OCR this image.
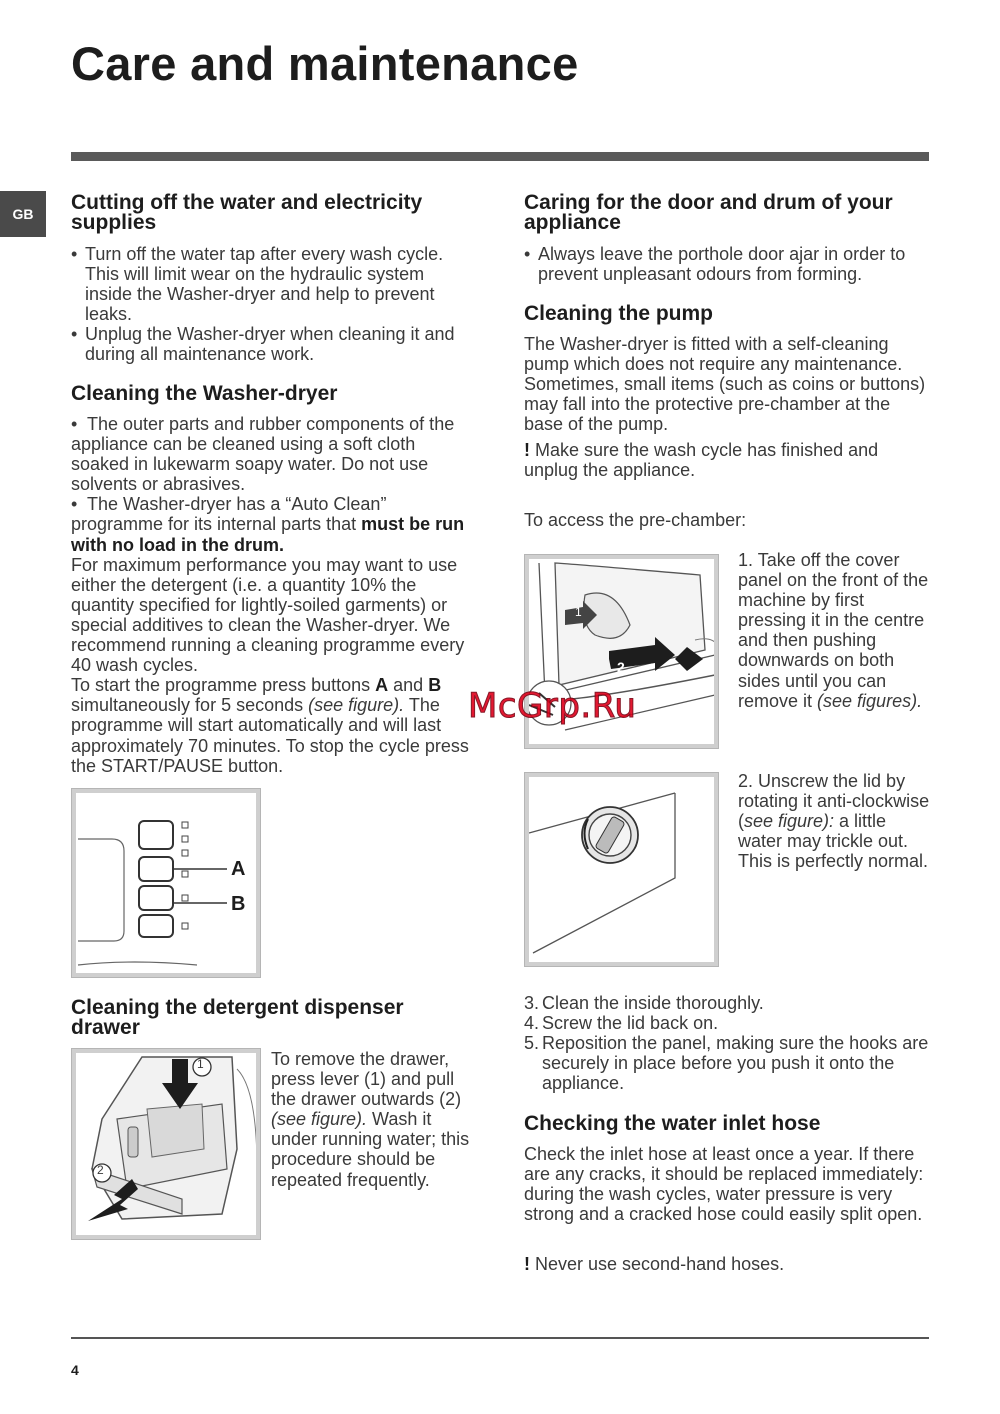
Care and maintenance
GB	Cutting off the water and electricity supplies
• Turn off the water tap after every wash cycle. This will limit wear on the hydraulic system inside the Washer-dryer and help to prevent leaks.
• Unplug the Washer-dryer when cleaning it and during all maintenance work.
Cleaning the Washer-dryer
•  The outer parts and rubber components of the appliance can be cleaned using a soft cloth soaked in lukewarm soapy water. Do not use solvents or abrasives.
•  The Washer-dryer has a “Auto Clean” programme for its internal parts that must be run with no load in the drum.
For maximum performance you may want to use either the detergent (i.e. a quantity 10% the quantity specified for lightly-soiled garments) or special additives to clean the Washer-dryer. We recommend running a cleaning programme every 40 wash cycles.
To start the programme press buttons A and B simultaneously for 5 seconds (see figure). The programme will start automatically and will last approximately 70 minutes. To stop the cycle press the START/PAUSE button.
A
B
Cleaning the detergent dispenser drawer
1
2
To remove the drawer, press lever (1) and pull the drawer outwards (2) (see figure). Wash it under running water; this procedure should be repeated frequently.
Caring for the door and drum of your appliance
• Always leave the porthole door ajar in order to prevent unpleasant odours from forming.
Cleaning the pump
The Washer-dryer is fitted with a self-cleaning pump which does not require any maintenance. Sometimes, small items (such as coins or buttons) may fall into the protective pre-chamber at the base of the pump.
! Make sure the wash cycle has finished and unplug the appliance.
To access the pre-chamber:
1
2	3
1. Take off the cover panel on the front of the machine by first pressing it in the centre and then pushing downwards on both sides until you can remove it (see figures).
2. Unscrew the lid by rotating it anti-clockwise (see figure): a little water may trickle out. This is perfectly normal.
3. Clean the inside thoroughly.
4. Screw the lid back on.
5. Reposition the panel, making sure the hooks are securely in place before you push it onto the appliance.
Checking the water inlet hose
Check the inlet hose at least once a year. If there are any cracks, it should be replaced immediately: during the wash cycles, water pressure is very strong and a cracked hose could easily split open.
! Never use second-hand hoses.
McGrp.Ru
4
